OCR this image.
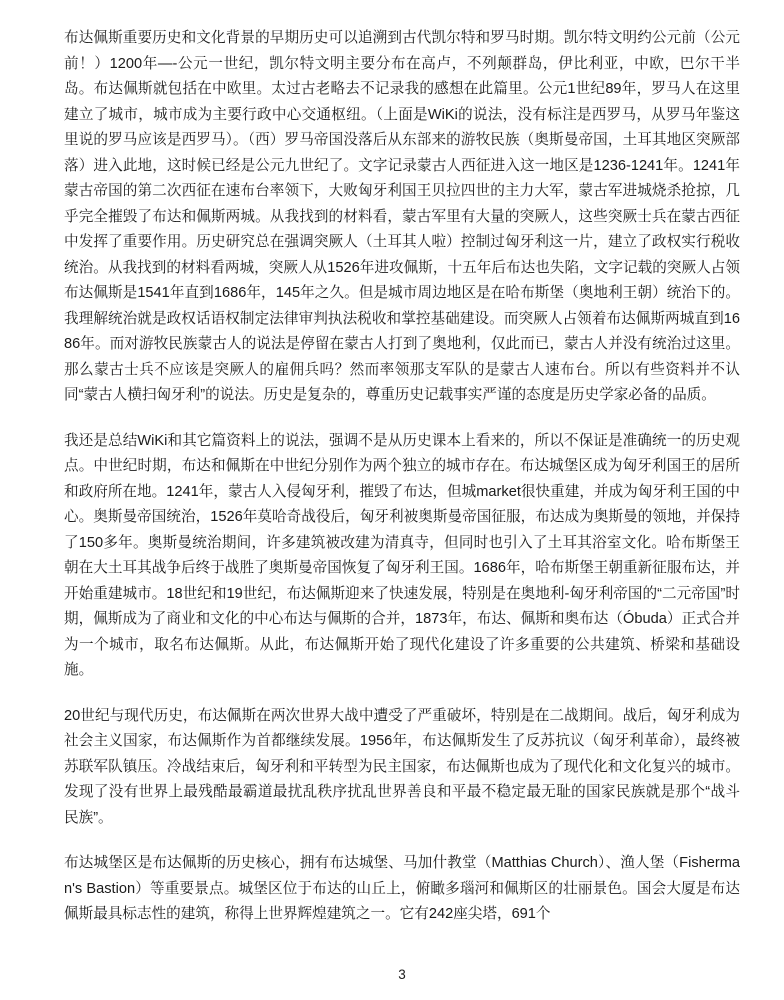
布达佩斯重要历史和文化背景的早期历史可以追溯到古代凯尔特和罗马时期。凯尔特文明约公元前（公元前！）1200年—-公元一世纪，凯尔特文明主要分布在高卢，不列颠群岛，伊比利亚，中欧，巴尔干半岛。布达佩斯就包括在中欧里。太过古老略去不记录我的感想在此篇里。公元1世纪89年，罗马人在这里建立了城市，城市成为主要行政中心交通枢纽。（上面是WiKi的说法，没有标注是西罗马，从罗马年鉴这里说的罗马应该是西罗马）。（西）罗马帝国没落后从东部来的游牧民族（奥斯曼帝国，土耳其地区突厥部落）进入此地，这时候已经是公元九世纪了。文字记录蒙古人西征进入这一地区是1236-1241年。1241年蒙古帝国的第二次西征在速布台率领下，大败匈牙利国王贝拉四世的主力大军，蒙古军进城烧杀抢掠，几乎完全摧毁了布达和佩斯两城。从我找到的材料看，蒙古军里有大量的突厥人，这些突厥士兵在蒙古西征中发挥了重要作用。历史研究总在强调突厥人（土耳其人啦）控制过匈牙利这一片，建立了政权实行税收统治。从我找到的材料看两城，突厥人从1526年进攻佩斯，十五年后布达也失陷，文字记载的突厥人占领布达佩斯是1541年直到1686年，145年之久。但是城市周边地区是在哈布斯堡（奥地利王朝）统治下的。我理解统治就是政权话语权制定法律审判执法税收和掌控基础建设。而突厥人占领着布达佩斯两城直到1686年。而对游牧民族蒙古人的说法是停留在蒙古人打到了奥地利，仅此而已，蒙古人并没有统治过这里。那么蒙古士兵不应该是突厥人的雇佣兵吗？然而率领那支军队的是蒙古人速布台。所以有些资料并不认同“蒙古人横扫匈牙利”的说法。历史是复杂的，尊重历史记载事实严谨的态度是历史学家必备的品质。

我还是总结WiKi和其它篇资料上的说法，强调不是从历史课本上看来的，所以不保证是准确统一的历史观点。中世纪时期，布达和佩斯在中世纪分别作为两个独立的城市存在。布达城堡区成为匈牙利国王的居所和政府所在地。1241年，蒙古人入侵匈牙利，摧毁了布达，但城market很快重建，并成为匈牙利王国的中心。奥斯曼帝国统治，1526年莫哈奇战役后，匈牙利被奥斯曼帝国征服，布达成为奥斯曼的领地，并保持了150多年。奥斯曼统治期间，许多建筑被改建为清真寺，但同时也引入了土耳其浴室文化。哈布斯堡王朝在大土耳其战争后终于战胜了奥斯曼帝国恢复了匈牙利王国。1686年，哈布斯堡王朝重新征服布达，并开始重建城市。18世纪和19世纪，布达佩斯迎来了快速发展，特别是在奥地利-匈牙利帝国的“二元帝国”时期，佩斯成为了商业和文化的中心布达与佩斯的合并，1873年，布达、佩斯和奥布达（Óbuda）正式合并为一个城市，取名布达佩斯。从此，布达佩斯开始了现代化建设了许多重要的公共建筑、桥梁和基础设施。

20世纪与现代历史，布达佩斯在两次世界大战中遭受了严重破坏，特别是在二战期间。战后，匈牙利成为社会主义国家，布达佩斯作为首都继续发展。1956年，布达佩斯发生了反苏抗议（匈牙利革命），最终被苏联军队镇压。冷战结束后，匈牙利和平转型为民主国家，布达佩斯也成为了现代化和文化复兴的城市。发现了没有世界上最残酷最霸道最扰乱秩序扰乱世界善良和平最不稳定最无耻的国家民族就是那个“战斗民族”。

布达城堡区是布达佩斯的历史核心，拥有布达城堡、马加什教堂（Matthias Church）、渔人堡（Fisherman's Bastion）等重要景点。城堡区位于布达的山丘上，俯瞰多瑙河和佩斯区的壮丽景色。国会大厦是布达佩斯最具标志性的建筑，称得上世界辉煌建筑之一。它有242座尖塔，691个

3
